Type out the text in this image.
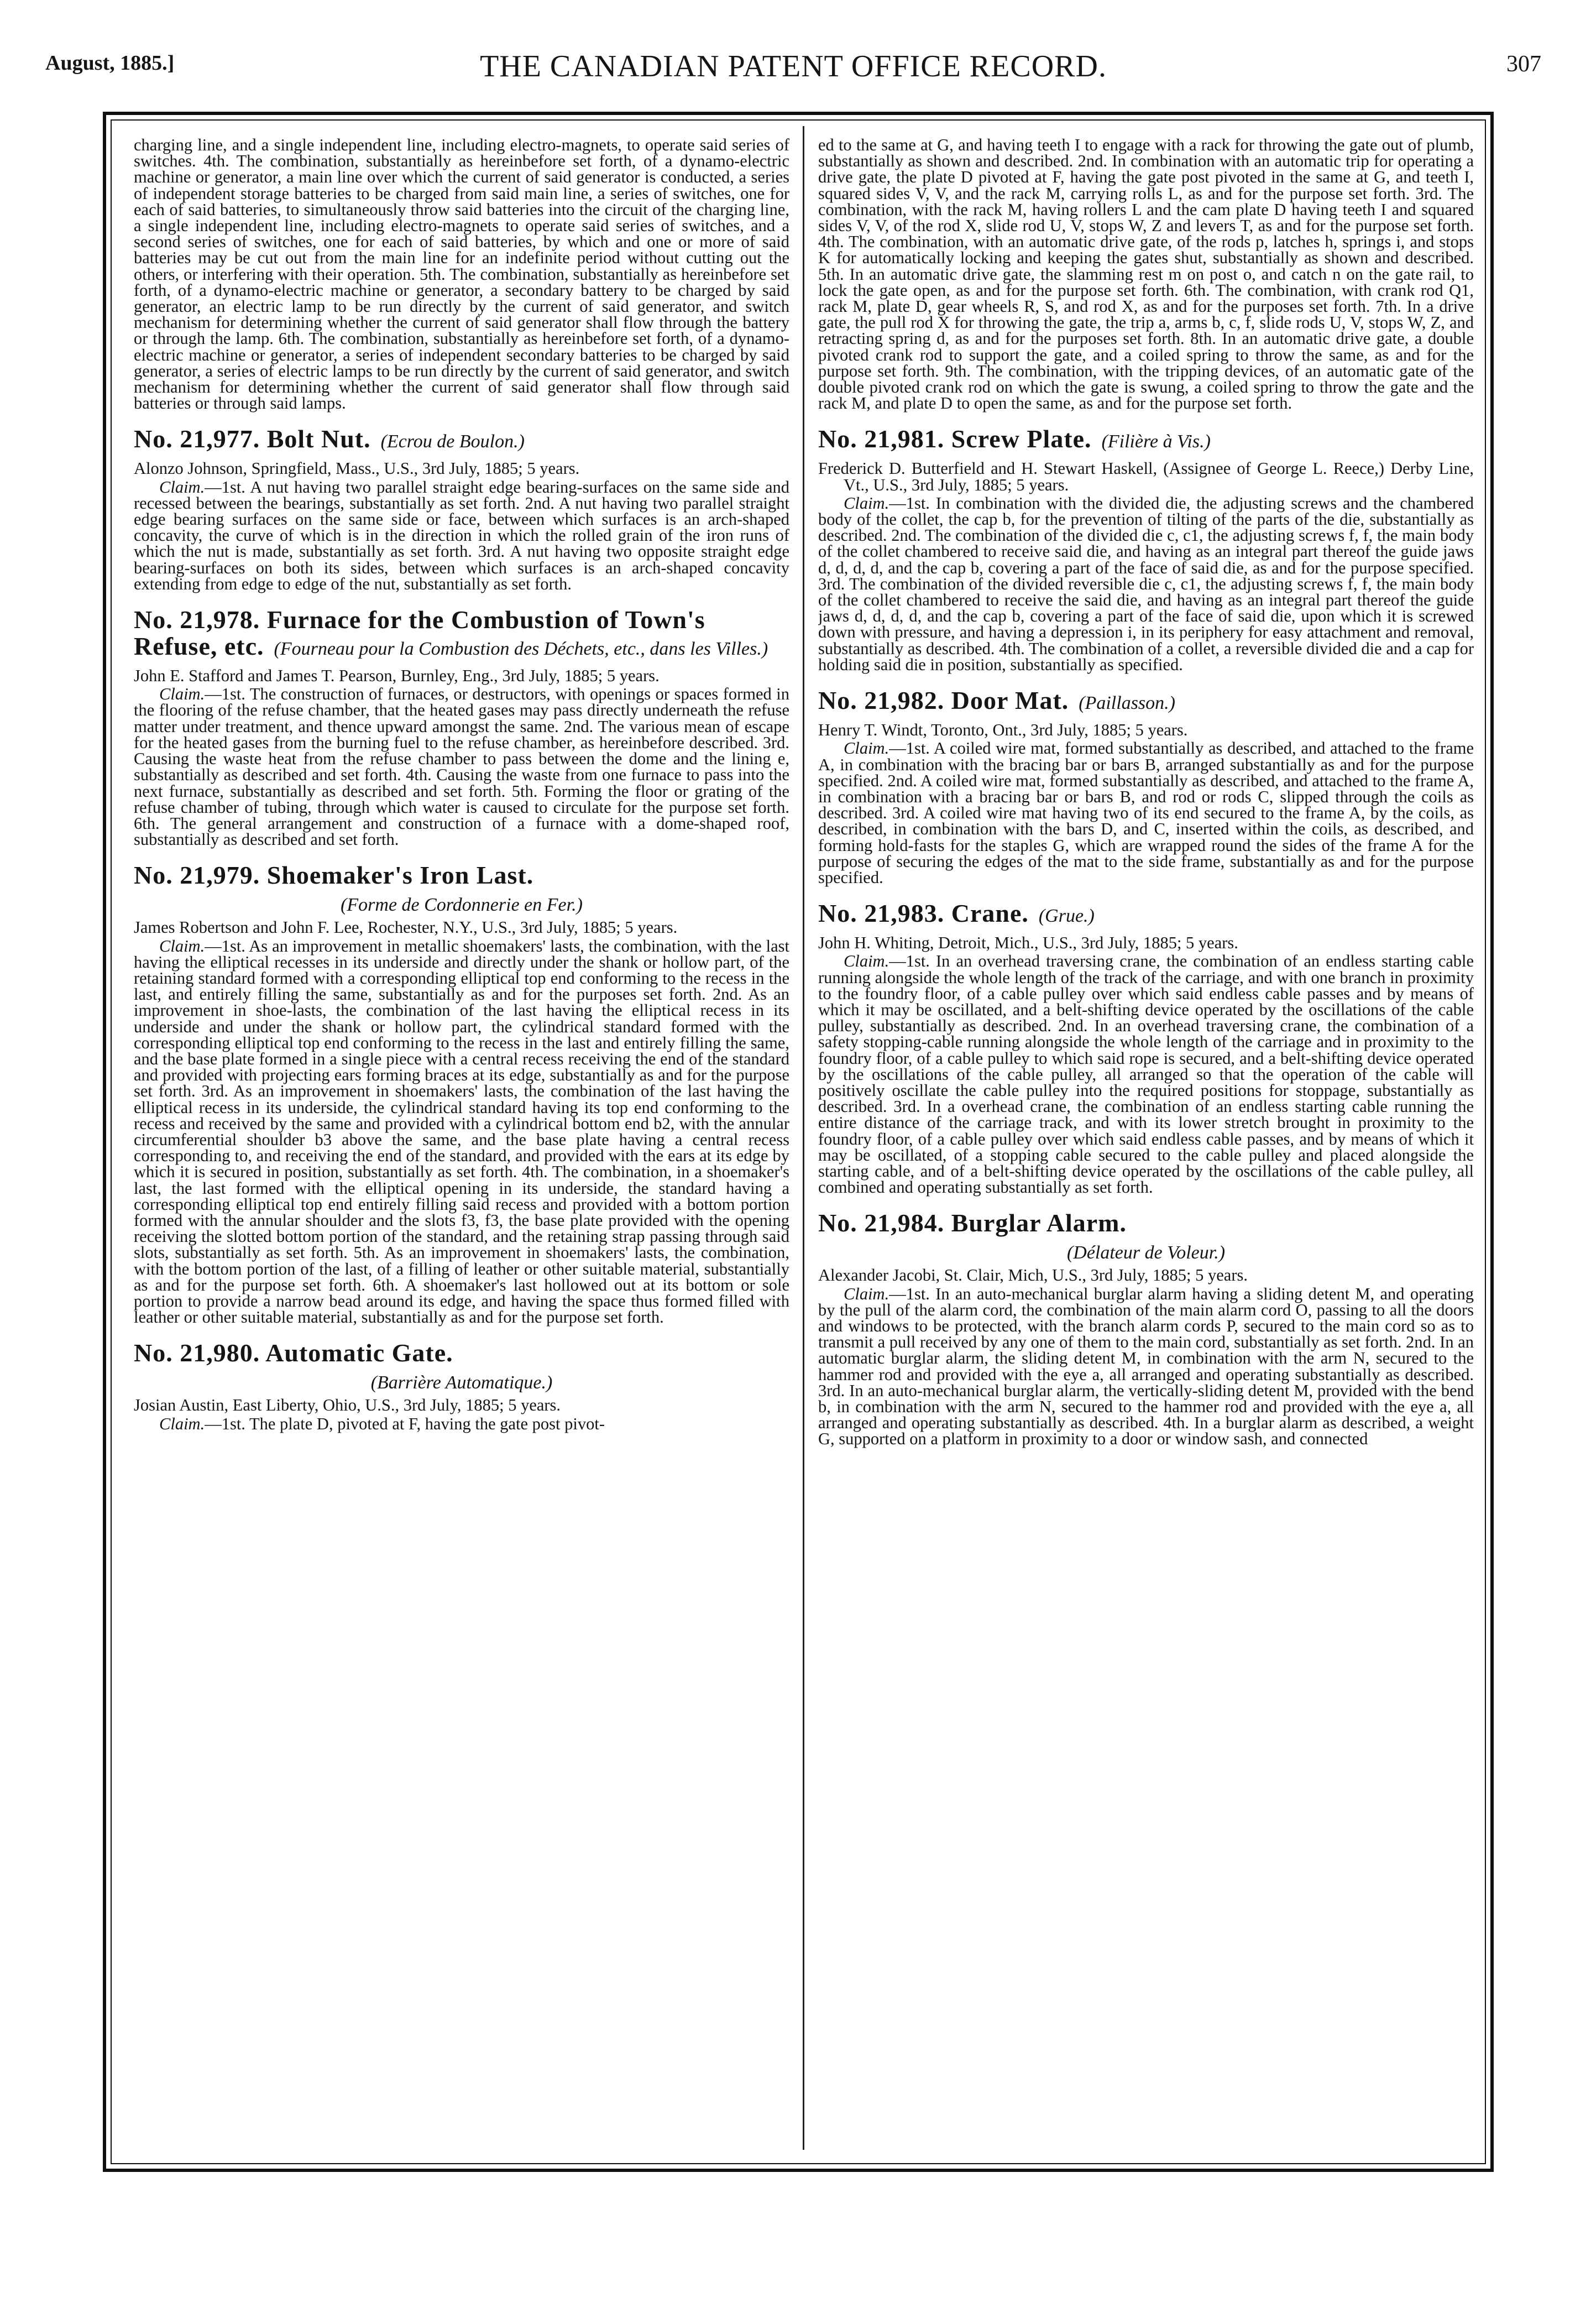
August, 1885.]	THE CANADIAN PATENT OFFICE RECORD.	307

charging line, and a single independent line, including electro-magnets, to operate said series of switches. 4th. The combination, substantially as hereinbefore set forth, of a dynamo-electric machine or generator, a main line over which the current of said generator is conducted, a series of independent storage batteries to be charged from said main line, a series of switches, one for each of said batteries, to simultaneously throw said batteries into the circuit of the charging line, a single independent line, including electro-magnets to operate said series of switches, and a second series of switches, one for each of said batteries, by which and one or more of said batteries may be cut out from the main line for an indefinite period without cutting out the others, or interfering with their operation. 5th. The combination, substantially as hereinbefore set forth, of a dynamo-electric machine or generator, a secondary battery to be charged by said generator, an electric lamp to be run directly by the current of said generator, and switch mechanism for determining whether the current of said generator shall flow through the battery or through the lamp. 6th. The combination, substantially as hereinbefore set forth, of a dynamo-electric machine or generator, a series of independent secondary batteries to be charged by said generator, a series of electric lamps to be run directly by the current of said generator, and switch mechanism for determining whether the current of said generator shall flow through said batteries or through said lamps.

No. 21,977. Bolt Nut. (Ecrou de Boulon.)

Alonzo Johnson, Springfield, Mass., U.S., 3rd July, 1885; 5 years.

Claim.—1st. A nut having two parallel straight edge bearing-surfaces on the same side and recessed between the bearings, substantially as set forth. 2nd. A nut having two parallel straight edge bearing surfaces on the same side or face, between which surfaces is an arch-shaped concavity, the curve of which is in the direction in which the rolled grain of the iron runs of which the nut is made, substantially as set forth. 3rd. A nut having two opposite straight edge bearing-surfaces on both its sides, between which surfaces is an arch-shaped concavity extending from edge to edge of the nut, substantially as set forth.

No. 21,978. Furnace for the Combustion of Town's Refuse, etc. (Fourneau pour la Combustion des Déchets, etc., dans les Villes.)

John E. Stafford and James T. Pearson, Burnley, Eng., 3rd July, 1885; 5 years.

Claim.—1st. The construction of furnaces, or destructors, with openings or spaces formed in the flooring of the refuse chamber, that the heated gases may pass directly underneath the refuse matter under treatment, and thence upward amongst the same. 2nd. The various mean of escape for the heated gases from the burning fuel to the refuse chamber, as hereinbefore described. 3rd. Causing the waste heat from the refuse chamber to pass between the dome and the lining e, substantially as described and set forth. 4th. Causing the waste from one furnace to pass into the next furnace, substantially as described and set forth. 5th. Forming the floor or grating of the refuse chamber of tubing, through which water is caused to circulate for the purpose set forth. 6th. The general arrangement and construction of a furnace with a dome-shaped roof, substantially as described and set forth.

No. 21,979. Shoemaker's Iron Last.
(Forme de Cordonnerie en Fer.)

James Robertson and John F. Lee, Rochester, N.Y., U.S., 3rd July, 1885; 5 years.

Claim.—1st. As an improvement in metallic shoemakers' lasts, the combination, with the last having the elliptical recesses in its underside and directly under the shank or hollow part, of the retaining standard formed with a corresponding elliptical top end conforming to the recess in the last, and entirely filling the same, substantially as and for the purposes set forth. 2nd. As an improvement in shoe-lasts, the combination of the last having the elliptical recess in its underside and under the shank or hollow part, the cylindrical standard formed with the corresponding elliptical top end conforming to the recess in the last and entirely filling the same, and the base plate formed in a single piece with a central recess receiving the end of the standard and provided with projecting ears forming braces at its edge, substantially as and for the purpose set forth. 3rd. As an improvement in shoemakers' lasts, the combination of the last having the elliptical recess in its underside, the cylindrical standard having its top end conforming to the recess and received by the same and provided with a cylindrical bottom end b2, with the annular circumferential shoulder b3 above the same, and the base plate having a central recess corresponding to, and receiving the end of the standard, and provided with the ears at its edge by which it is secured in position, substantially as set forth. 4th. The combination, in a shoemaker's last, the last formed with the elliptical opening in its underside, the standard having a corresponding elliptical top end entirely filling said recess and provided with a bottom portion formed with the annular shoulder and the slots f3, f3, the base plate provided with the opening receiving the slotted bottom portion of the standard, and the retaining strap passing through said slots, substantially as set forth. 5th. As an improvement in shoemakers' lasts, the combination, with the bottom portion of the last, of a filling of leather or other suitable material, substantially as and for the purpose set forth. 6th. A shoemaker's last hollowed out at its bottom or sole portion to provide a narrow bead around its edge, and having the space thus formed filled with leather or other suitable material, substantially as and for the purpose set forth.

No. 21,980. Automatic Gate.
(Barrière Automatique.)

Josian Austin, East Liberty, Ohio, U.S., 3rd July, 1885; 5 years.

Claim.—1st. The plate D, pivoted at F, having the gate post pivot-

ed to the same at G, and having teeth I to engage with a rack for throwing the gate out of plumb, substantially as shown and described. 2nd. In combination with an automatic trip for operating a drive gate, the plate D pivoted at F, having the gate post pivoted in the same at G, and teeth I, squared sides V, V, and the rack M, carrying rolls L, as and for the purpose set forth. 3rd. The combination, with the rack M, having rollers L and the cam plate D having teeth I and squared sides V, V, of the rod X, slide rod U, V, stops W, Z and levers T, as and for the purpose set forth. 4th. The combination, with an automatic drive gate, of the rods p, latches h, springs i, and stops K for automatically locking and keeping the gates shut, substantially as shown and described. 5th. In an automatic drive gate, the slamming rest m on post o, and catch n on the gate rail, to lock the gate open, as and for the purpose set forth. 6th. The combination, with crank rod Q1, rack M, plate D, gear wheels R, S, and rod X, as and for the purposes set forth. 7th. In a drive gate, the pull rod X for throwing the gate, the trip a, arms b, c, f, slide rods U, V, stops W, Z, and retracting spring d, as and for the purposes set forth. 8th. In an automatic drive gate, a double pivoted crank rod to support the gate, and a coiled spring to throw the same, as and for the purpose set forth. 9th. The combination, with the tripping devices, of an automatic gate of the double pivoted crank rod on which the gate is swung, a coiled spring to throw the gate and the rack M, and plate D to open the same, as and for the purpose set forth.

No. 21,981. Screw Plate. (Filière à Vis.)

Frederick D. Butterfield and H. Stewart Haskell, (Assignee of George L. Reece,) Derby Line, Vt., U.S., 3rd July, 1885; 5 years.

Claim.—1st. In combination with the divided die, the adjusting screws and the chambered body of the collet, the cap b, for the prevention of tilting of the parts of the die, substantially as described. 2nd. The combination of the divided die c, c1, the adjusting screws f, f, the main body of the collet chambered to receive said die, and having as an integral part thereof the guide jaws d, d, d, d, and the cap b, covering a part of the face of said die, as and for the purpose specified. 3rd. The combination of the divided reversible die c, c1, the adjusting screws f, f, the main body of the collet chambered to receive the said die, and having as an integral part thereof the guide jaws d, d, d, d, and the cap b, covering a part of the face of said die, upon which it is screwed down with pressure, and having a depression i, in its periphery for easy attachment and removal, substantially as described. 4th. The combination of a collet, a reversible divided die and a cap for holding said die in position, substantially as specified.

No. 21,982. Door Mat. (Paillasson.)

Henry T. Windt, Toronto, Ont., 3rd July, 1885; 5 years.

Claim.—1st. A coiled wire mat, formed substantially as described, and attached to the frame A, in combination with the bracing bar or bars B, arranged substantially as and for the purpose specified. 2nd. A coiled wire mat, formed substantially as described, and attached to the frame A, in combination with a bracing bar or bars B, and rod or rods C, slipped through the coils as described. 3rd. A coiled wire mat having two of its end secured to the frame A, by the coils, as described, in combination with the bars D, and C, inserted within the coils, as described, and forming hold-fasts for the staples G, which are wrapped round the sides of the frame A for the purpose of securing the edges of the mat to the side frame, substantially as and for the purpose specified.

No. 21,983. Crane. (Grue.)

John H. Whiting, Detroit, Mich., U.S., 3rd July, 1885; 5 years.

Claim.—1st. In an overhead traversing crane, the combination of an endless starting cable running alongside the whole length of the track of the carriage, and with one branch in proximity to the foundry floor, of a cable pulley over which said endless cable passes and by means of which it may be oscillated, and a belt-shifting device operated by the oscillations of the cable pulley, substantially as described. 2nd. In an overhead traversing crane, the combination of a safety stopping-cable running alongside the whole length of the carriage and in proximity to the foundry floor, of a cable pulley to which said rope is secured, and a belt-shifting device operated by the oscillations of the cable pulley, all arranged so that the operation of the cable will positively oscillate the cable pulley into the required positions for stoppage, substantially as described. 3rd. In a overhead crane, the combination of an endless starting cable running the entire distance of the carriage track, and with its lower stretch brought in proximity to the foundry floor, of a cable pulley over which said endless cable passes, and by means of which it may be oscillated, of a stopping cable secured to the cable pulley and placed alongside the starting cable, and of a belt-shifting device operated by the oscillations of the cable pulley, all combined and operating substantially as set forth.

No. 21,984. Burglar Alarm.
(Délateur de Voleur.)

Alexander Jacobi, St. Clair, Mich, U.S., 3rd July, 1885; 5 years.

Claim.—1st. In an auto-mechanical burglar alarm having a sliding detent M, and operating by the pull of the alarm cord, the combination of the main alarm cord O, passing to all the doors and windows to be protected, with the branch alarm cords P, secured to the main cord so as to transmit a pull received by any one of them to the main cord, substantially as set forth. 2nd. In an automatic burglar alarm, the sliding detent M, in combination with the arm N, secured to the hammer rod and provided with the eye a, all arranged and operating substantially as described. 3rd. In an auto-mechanical burglar alarm, the vertically-sliding detent M, provided with the bend b, in combination with the arm N, secured to the hammer rod and provided with the eye a, all arranged and operating substantially as described. 4th. In a burglar alarm as described, a weight G, supported on a platform in proximity to a door or window sash, and connected
